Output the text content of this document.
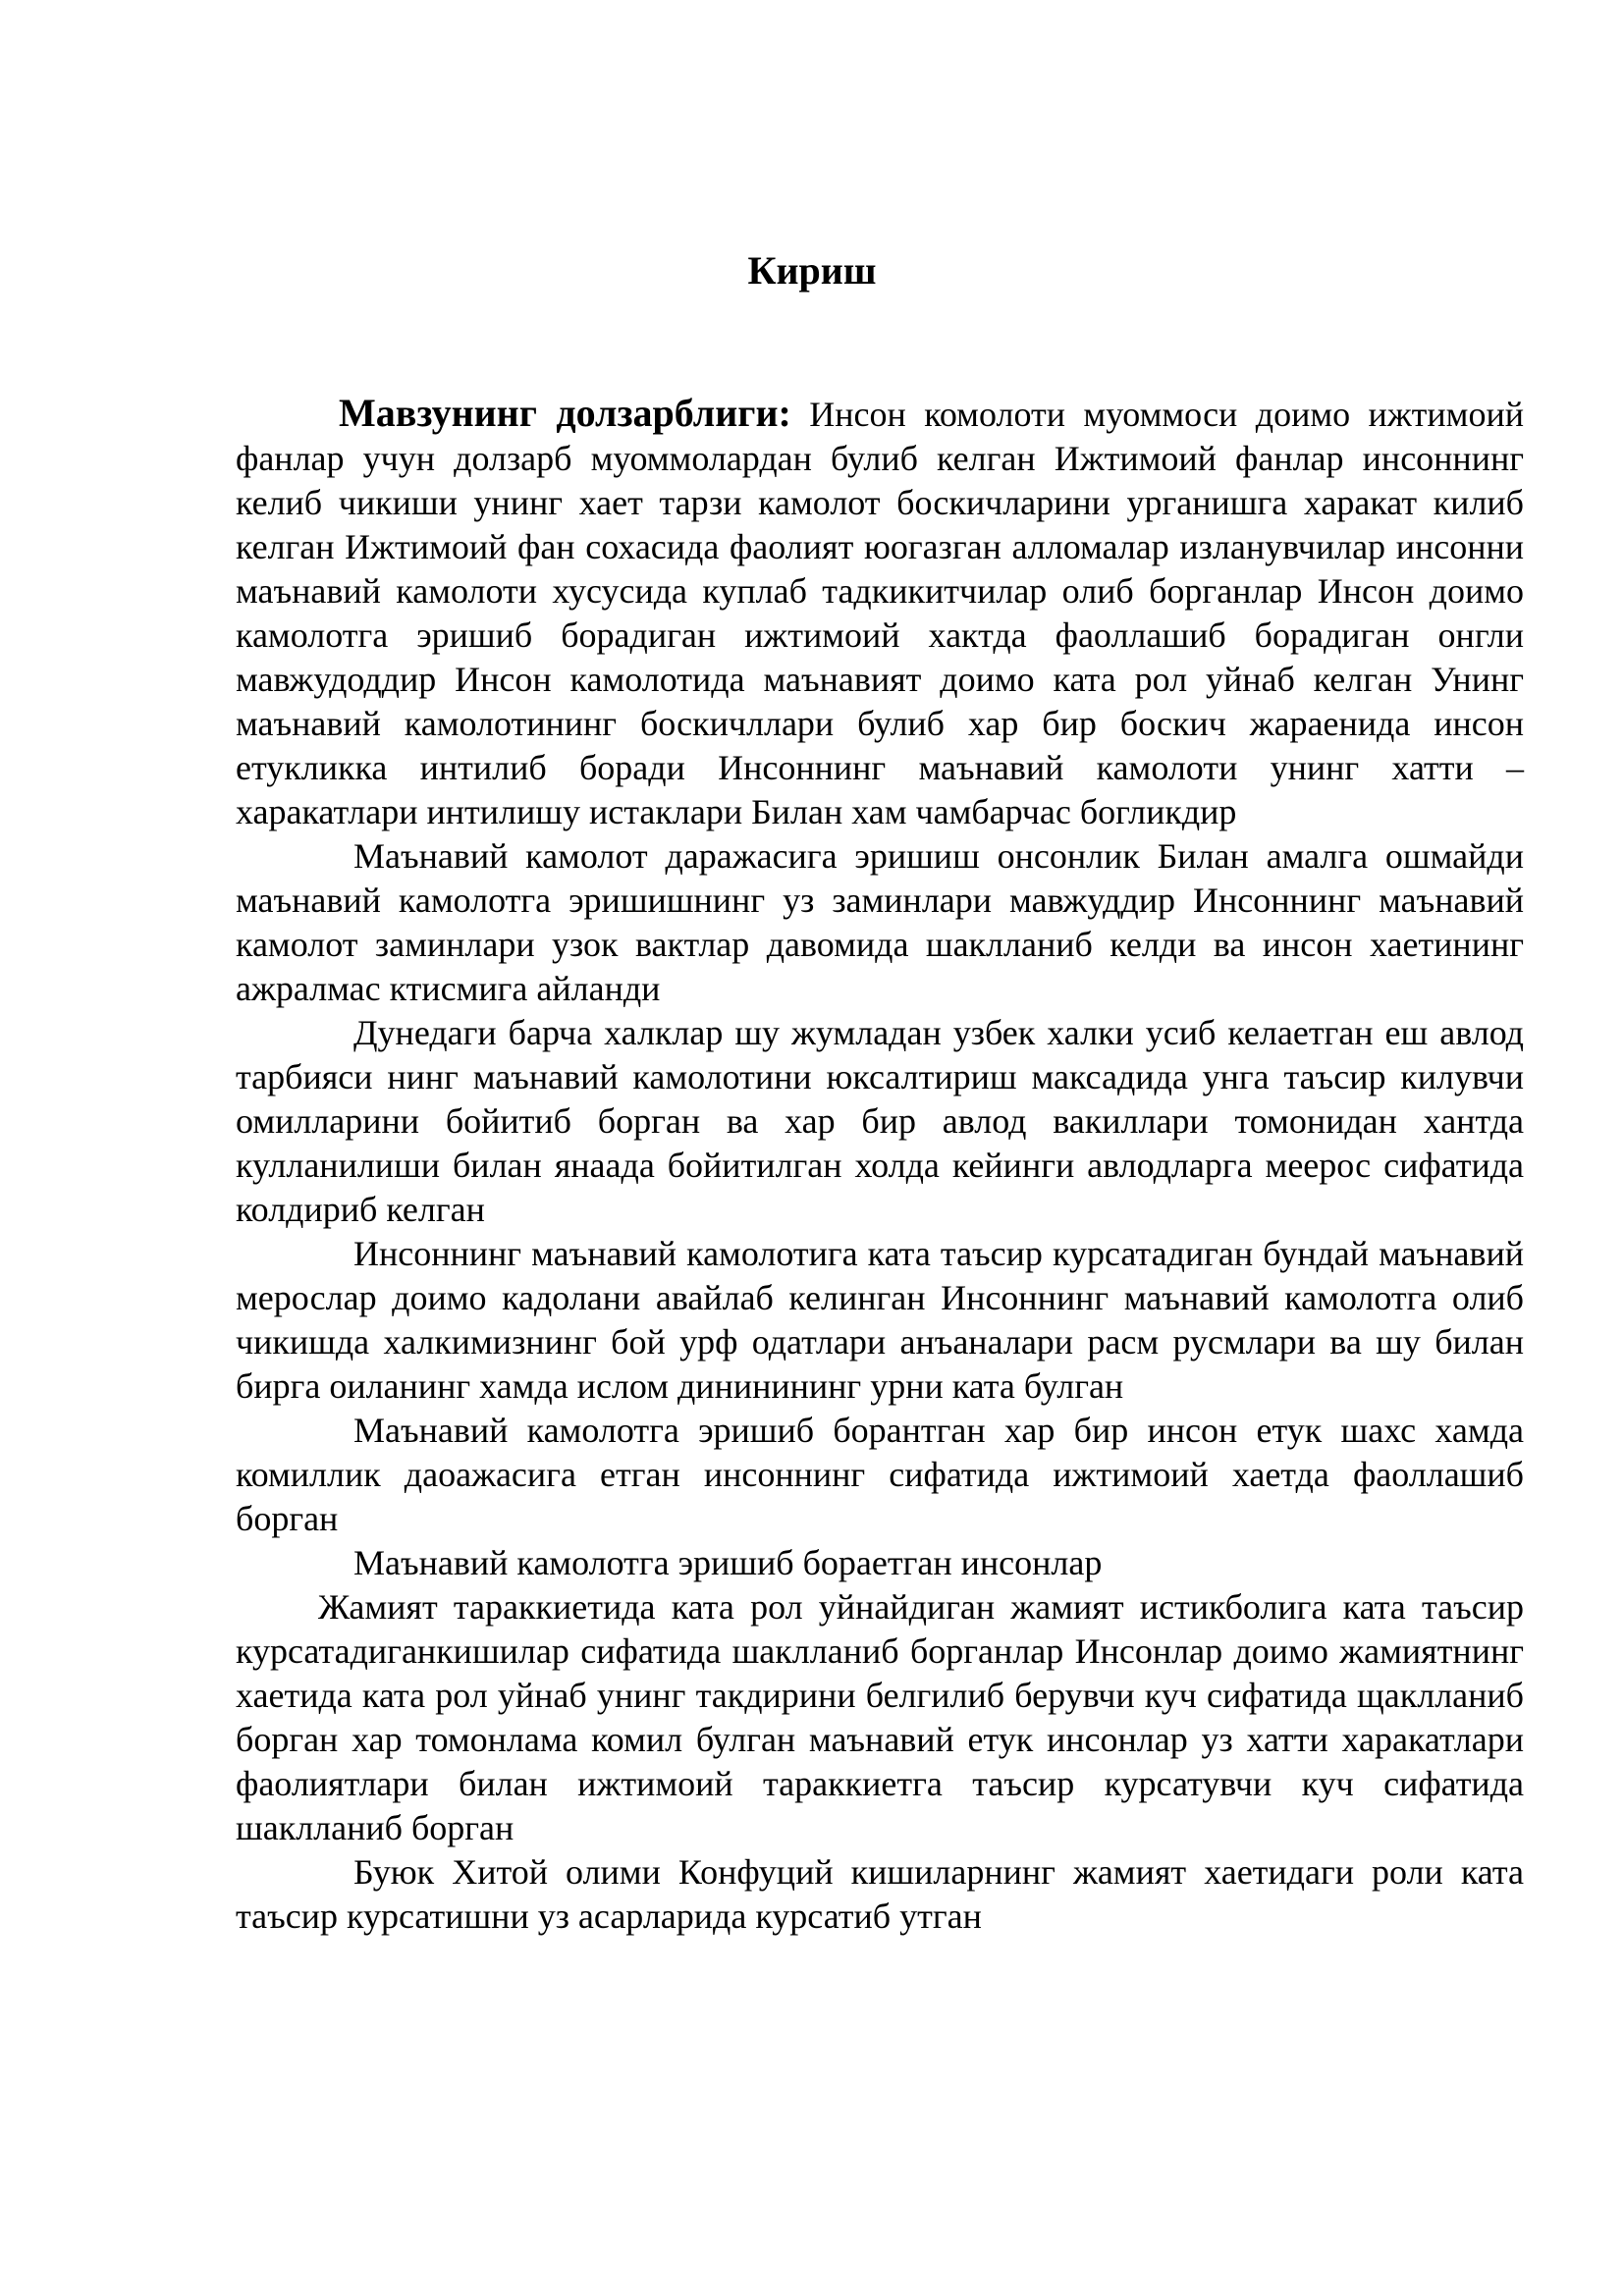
Кириш

Мавзунинг долзарблиги: Инсон комолоти муоммоси доимо ижтимоий фанлар учун долзарб муоммолардан булиб келган Ижтимоий фанлар инсоннинг келиб чикиши унинг хает тарзи камолот боскичларини урганишга харакат килиб келган Ижтимоий фан сохасида фаолият юогазган алломалар изланувчилар инсонни маънавий камолоти хусусида куплаб тадкикитчилар олиб борганлар Инсон доимо камолотга эришиб борадиган ижтимоий хактда фаоллашиб борадиган онгли мавжудоддир Инсон камолотида маънавият доимо ката рол уйнаб келган Унинг маънавий камолотининг боскичллари булиб хар бир боскич жараенида инсон етукликка интилиб боради Инсоннинг маънавий камолоти унинг хатти – харакатлари интилишу истаклари Билан хам чамбарчас богликдир

Маънавий камолот даражасига эришиш онсонлик Билан амалга ошмайди маънавий камолотга эришишнинг уз заминлари мавжуддир Инсоннинг маънавий камолот заминлари узок вактлар давомида шаклланиб келди ва инсон хаетининг ажралмас ктисмига айланди

Дунедаги барча халклар шу жумладан узбек халки усиб келаетган еш авлод тарбияси нинг маънавий камолотини юксалтириш максадида унга таъсир килувчи омилларини бойитиб борган ва хар бир авлод вакиллари томонидан хантда кулланилиши билан янаада бойитилган холда кейинги авлодларга меерос сифатида колдириб келган

Инсоннинг маънавий камолотига ката таъсир курсатадиган бундай маънавий мерослар доимо кадолани авайлаб келинган Инсоннинг маънавий камолотга олиб чикишда халкимизнинг бой урф одатлари анъаналари расм русмлари ва шу билан бирга оиланинг хамда ислом дининининг урни ката булган

Маънавий камолотга эришиб борантган хар бир инсон етук шахс хамда комиллик даоажасига етган инсоннинг сифатида ижтимоий хаетда фаоллашиб борган

Маънавий камолотга эришиб бораетган инсонлар

Жамият тараккиетида ката рол уйнайдиган жамият истикболига ката таъсир курсатадиганкишилар сифатида шаклланиб борганлар Инсонлар доимо жамиятнинг хаетида ката рол уйнаб унинг такдирини белгилиб берувчи куч сифатида щаклланиб борган хар томонлама комил булган маънавий етук инсонлар уз хатти харакатлари фаолиятлари билан ижтимоий тараккиетга таъсир курсатувчи куч сифатида шаклланиб борган

Буюк Хитой олими Конфуций кишиларнинг жамият хаетидаги роли ката таъсир курсатишни уз асарларида курсатиб утган
